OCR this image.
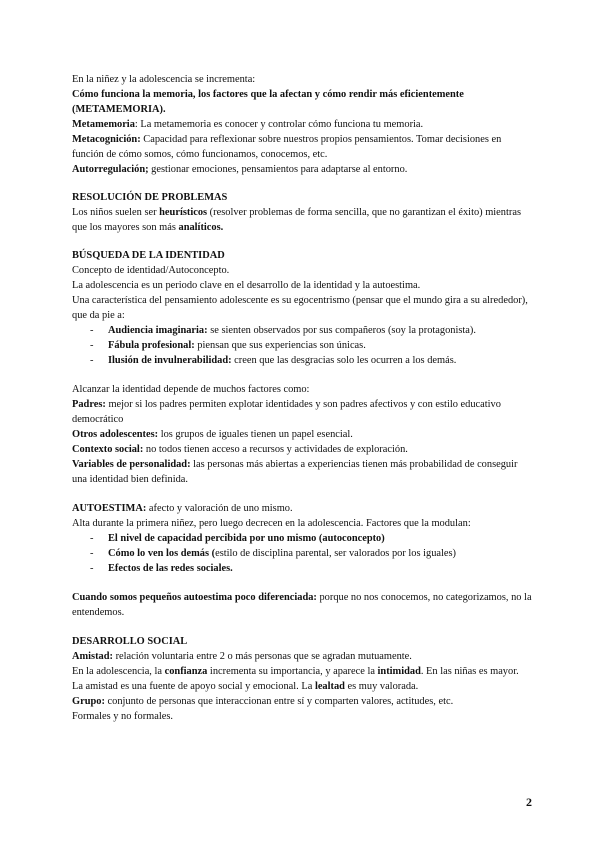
En la niñez y la adolescencia se incrementa:

Cómo funciona la memoria, los factores que la afectan y cómo rendir más eficientemente (METAMEMORIA).

Metamemoria: La metamemoria es conocer y controlar cómo funciona tu memoria.

Metacognición: Capacidad para reflexionar sobre nuestros propios pensamientos. Tomar decisiones en función de cómo somos, cómo funcionamos, conocemos, etc.

Autorregulación; gestionar emociones, pensamientos para adaptarse al entorno.

RESOLUCIÓN DE PROBLEMAS

Los niños suelen ser heurísticos (resolver problemas de forma sencilla, que no garantizan el éxito) mientras que los mayores son más analíticos.

BÚSQUEDA DE LA IDENTIDAD

Concepto de identidad/Autoconcepto.

La adolescencia es un periodo clave en el desarrollo de la identidad y la autoestima.

Una característica del pensamiento adolescente es su egocentrismo (pensar que el mundo gira a su alrededor), que da pie a:

- Audiencia imaginaria: se sienten observados por sus compañeros (soy la protagonista).
- Fábula profesional: piensan que sus experiencias son únicas.
- Ilusión de invulnerabilidad: creen que las desgracias solo les ocurren a los demás.

Alcanzar la identidad depende de muchos factores como:

Padres: mejor si los padres permiten explotar identidades y son padres afectivos y con estilo educativo democrático

Otros adolescentes: los grupos de iguales tienen un papel esencial.

Contexto social: no todos tienen acceso a recursos y actividades de exploración.

Variables de personalidad: las personas más abiertas a experiencias tienen más probabilidad de conseguir una identidad bien definida.

AUTOESTIMA: afecto y valoración de uno mismo.

Alta durante la primera niñez, pero luego decrecen en la adolescencia. Factores que la modulan:

- El nivel de capacidad percibida por uno mismo (autoconcepto)
- Cómo lo ven los demás (estilo de disciplina parental, ser valorados por los iguales)
- Efectos de las redes sociales.

Cuando somos pequeños autoestima poco diferenciada: porque no nos conocemos, no categorizamos, no la entendemos.

DESARROLLO SOCIAL

Amistad: relación voluntaria entre 2 o más personas que se agradan mutuamente.

En la adolescencia, la confianza incrementa su importancia, y aparece la intimidad. En las niñas es mayor.

La amistad es una fuente de apoyo social y emocional. La lealtad es muy valorada.

Grupo: conjunto de personas que interaccionan entre sí y comparten valores, actitudes, etc.

Formales y no formales.

2
